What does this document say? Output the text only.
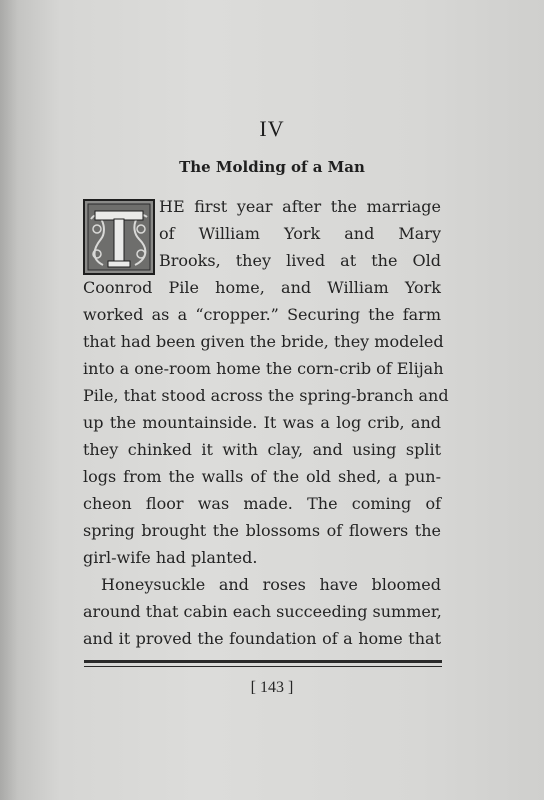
IV
The Molding of a Man
HE first year after the marriage
of William York and Mary
Brooks, they lived at the Old
Coonrod Pile home, and William York
worked as a “cropper.” Securing the farm
that had been given the bride, they modeled
into a one-room home the corn-crib of Elijah
Pile, that stood across the spring-branch and
up the mountainside. It was a log crib, and
they chinked it with clay, and using split
logs from the walls of the old shed, a pun-
cheon floor was made. The coming of
spring brought the blossoms of flowers the
girl-wife had planted.
Honeysuckle and roses have bloomed
around that cabin each succeeding summer,
and it proved the foundation of a home that
[ 143 ]
